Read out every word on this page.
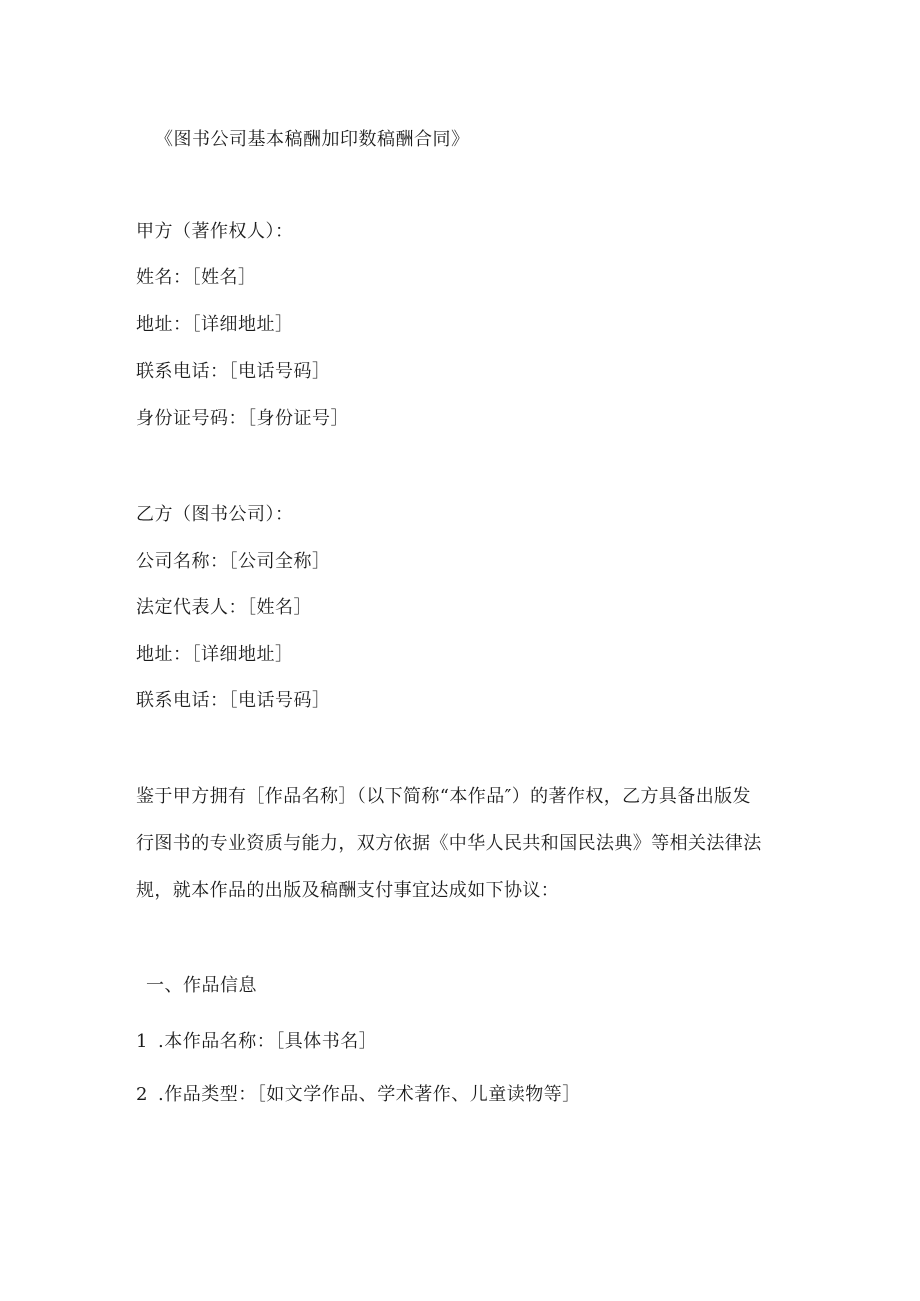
《图书公司基本稿酬加印数稿酬合同》
甲方（著作权人）：
姓名：［姓名］
地址：［详细地址］
联系电话：［电话号码］
身份证号码：［身份证号］
乙方（图书公司）：
公司名称：［公司全称］
法定代表人：［姓名］
地址：［详细地址］
联系电话：［电话号码］
鉴于甲方拥有［作品名称］（以下简称“本作品″）的著作权，乙方具备出版发
行图书的专业资质与能力，双方依据《中华人民共和国民法典》等相关法律法
规，就本作品的出版及稿酬支付事宜达成如下协议：
一、作品信息
1 .本作品名称：［具体书名］
2 .作品类型：［如文学作品、学术著作、儿童读物等］
